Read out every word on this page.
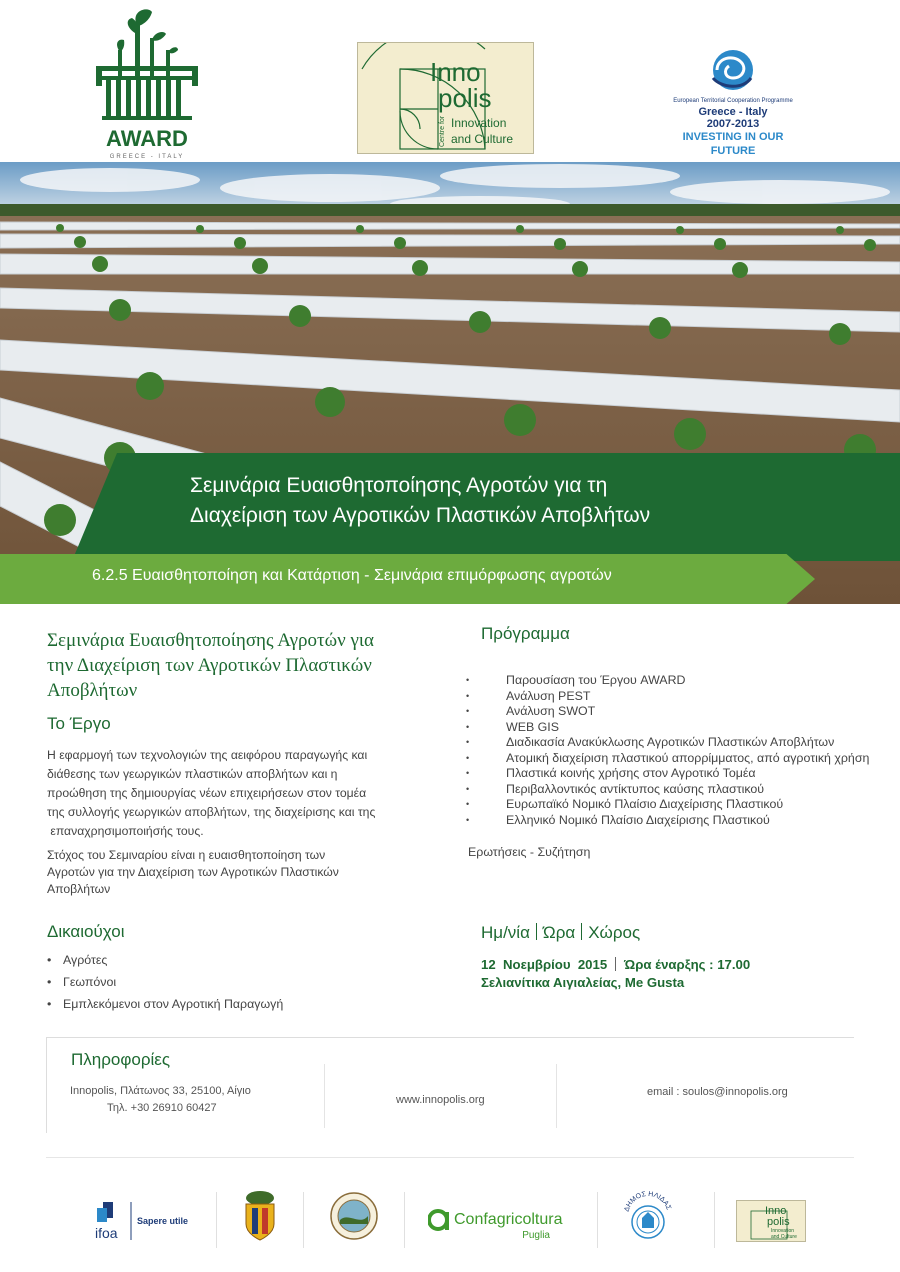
AWARD
GREECE - ITALY
Inno
polis
Innovation
and Culture
Centre for
European Territorial Cooperation Programme
Greece - Italy
2007-2013
INVESTING IN OUR FUTURE
Σεμινάρια Ευαισθητοποίησης Αγροτών για τη
Διαχείριση των Αγροτικών Πλαστικών Αποβλήτων
6.2.5 Ευαισθητοποίηση και Κατάρτιση - Σεμινάρια επιμόρφωσης αγροτών
Σεμινάρια Ευαισθητοποίησης Αγροτών για
την Διαχείριση των Αγροτικών Πλαστικών
Αποβλήτων
Το Έργο
Η εφαρμογή των τεχνολογιών της αειφόρου παραγωγής και
διάθεσης των γεωργικών πλαστικών αποβλήτων και η
προώθηση της δημιουργίας νέων επιχειρήσεων στον τομέα
της συλλογής γεωργικών αποβλήτων, της διαχείρισης και της
επαναχρησιμοποιήσής τους.
Στόχος του Σεμιναρίου είναι η ευαισθητοποίηση των
Αγροτών για την Διαχείριση των Αγροτικών Πλαστικών
Αποβλήτων
Δικαιούχοι
• Αγρότες
• Γεωπόνοι
• Εμπλεκόμενοι στον Αγροτική Παραγωγή
Πρόγραμμα
•	Παρουσίαση του Έργου AWARD
•	Ανάλυση PEST
•	Ανάλυση SWOT
•	WEB GIS
•	Διαδικασία Ανακύκλωσης Αγροτικών Πλαστικών Αποβλήτων
•	Ατομική διαχείριση πλαστικού απορρίμματος, από αγροτική χρήση
•	Πλαστικά κοινής χρήσης στον Αγροτικό Τομέα
•	Περιβαλλοντικός αντίκτυπος καύσης πλαστικού
•	Ευρωπαϊκό Νομικό Πλαίσιο Διαχείρισης Πλαστικού
•	Ελληνικό Νομικό Πλαίσιο Διαχείρισης Πλαστικού
Ερωτήσεις - Συζήτηση
Ημ/νία Ώρα Χώρος
12  Νοεμβρίου  2015 Ώρα έναρξης : 17.00
Σελιανίτικα Αιγιαλείας, Me Gusta
Πληροφορίες
Innopolis, Πλάτωνος 33, 25100, Αίγιο
Τηλ. +30 26910 60427
www.innopolis.org
email : soulos@innopolis.org
ifoa
Sapere utile	Confagricoltura
Puglia
ΔΗΜΟΣ ΗΛΙΔΑΣ	Inno
polis
Innovation
and Culture
